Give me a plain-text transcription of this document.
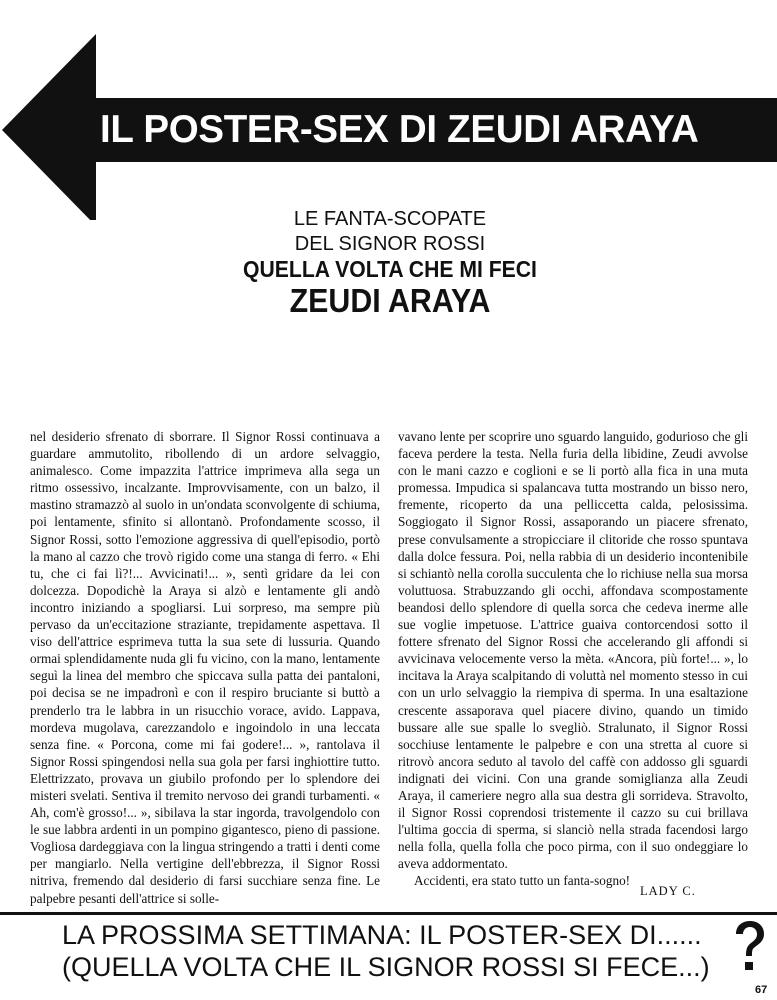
IL POSTER-SEX DI ZEUDI ARAYA
LE FANTA-SCOPATE
DEL SIGNOR ROSSI
QUELLA VOLTA CHE MI FECI
ZEUDI ARAYA

nel desiderio sfrenato di sborrare. Il Signor Rossi continuava a guardare ammutolito, ribollendo di un ardore selvaggio, animalesco. Come impazzita l'attrice imprimeva alla sega un ritmo ossessivo, incalzante. Improvvisamente, con un balzo, il mastino stramazzò al suolo in un'ondata sconvolgente di schiuma, poi lentamente, sfinito si allontanò. Profondamente scosso, il Signor Rossi, sotto l'emozione aggressiva di quell'episodio, portò la mano al cazzo che trovò rigido come una stanga di ferro. « Ehi tu, che ci fai lì?!... Avvicinati!... », sentì gridare da lei con dolcezza. Dopodichè la Araya si alzò e lentamente gli andò incontro iniziando a spogliarsi. Lui sorpreso, ma sempre più pervaso da un'eccitazione straziante, trepidamente aspettava. Il viso dell'attrice esprimeva tutta la sua sete di lussuria. Quando ormai splendidamente nuda gli fu vicino, con la mano, lentamente seguì la linea del membro che spiccava sulla patta dei pantaloni, poi decisa se ne impadronì e con il respiro bruciante si buttò a prenderlo tra le labbra in un risucchio vorace, avido. Lappava, mordeva mugolava, carezzandolo e ingoindolo in una leccata senza fine. « Porcona, come mi fai godere!... », rantolava il Signor Rossi spingendosi nella sua gola per farsi inghiottire tutto. Elettrizzato, provava un giubilo profondo per lo splendore dei misteri svelati. Sentiva il tremito nervoso dei grandi turbamenti. « Ah, com'è grosso!... », sibilava la star ingorda, travolgendolo con le sue labbra ardenti in un pompino gigantesco, pieno di passione. Vogliosa dardeggiava con la lingua stringendo a tratti i denti come per mangiarlo. Nella vertigine dell'ebbrezza, il Signor Rossi nitriva, fremendo dal desiderio di farsi succhiare senza fine. Le palpebre pesanti dell'attrice si solle-

vavano lente per scoprire uno sguardo languido, godurioso che gli faceva perdere la testa. Nella furia della libidine, Zeudi avvolse con le mani cazzo e coglioni e se li portò alla fica in una muta promessa. Impudica si spalancava tutta mostrando un bisso nero, fremente, ricoperto da una pelliccetta calda, pelosissima. Soggiogato il Signor Rossi, assaporando un piacere sfrenato, prese convulsamente a stropicciare il clitoride che rosso spuntava dalla dolce fessura. Poi, nella rabbia di un desiderio incontenibile si schiantò nella corolla succulenta che lo richiuse nella sua morsa voluttuosa. Strabuzzando gli occhi, affondava scompostamente beandosi dello splendore di quella sorca che cedeva inerme alle sue voglie impetuose. L'attrice guaiva contorcendosi sotto il fottere sfrenato del Signor Rossi che accelerando gli affondi si avvicinava velocemente verso la mèta. «Ancora, più forte!... », lo incitava la Araya scalpitando di voluttà nel momento stesso in cui con un urlo selvaggio la riempiva di sperma. In una esaltazione crescente assaporava quel piacere divino, quando un timido bussare alle sue spalle lo svegliò. Stralunato, il Signor Rossi socchiuse lentamente le palpebre e con una stretta al cuore si ritrovò ancora seduto al tavolo del caffè con addosso gli sguardi indignati dei vicini. Con una grande somiglianza alla Zeudi Araya, il cameriere negro alla sua destra gli sorrideva. Stravolto, il Signor Rossi coprendosi tristemente il cazzo su cui brillava l'ultima goccia di sperma, si slanciò nella strada facendosi largo nella folla, quella folla che poco pirma, con il suo ondeggiare lo aveva addormentato.

Accidenti, era stato tutto un fanta-sogno!

LADY C.
LA PROSSIMA SETTIMANA: IL POSTER-SEX DI......
(QUELLA VOLTA CHE IL SIGNOR ROSSI SI FECE...)
67
